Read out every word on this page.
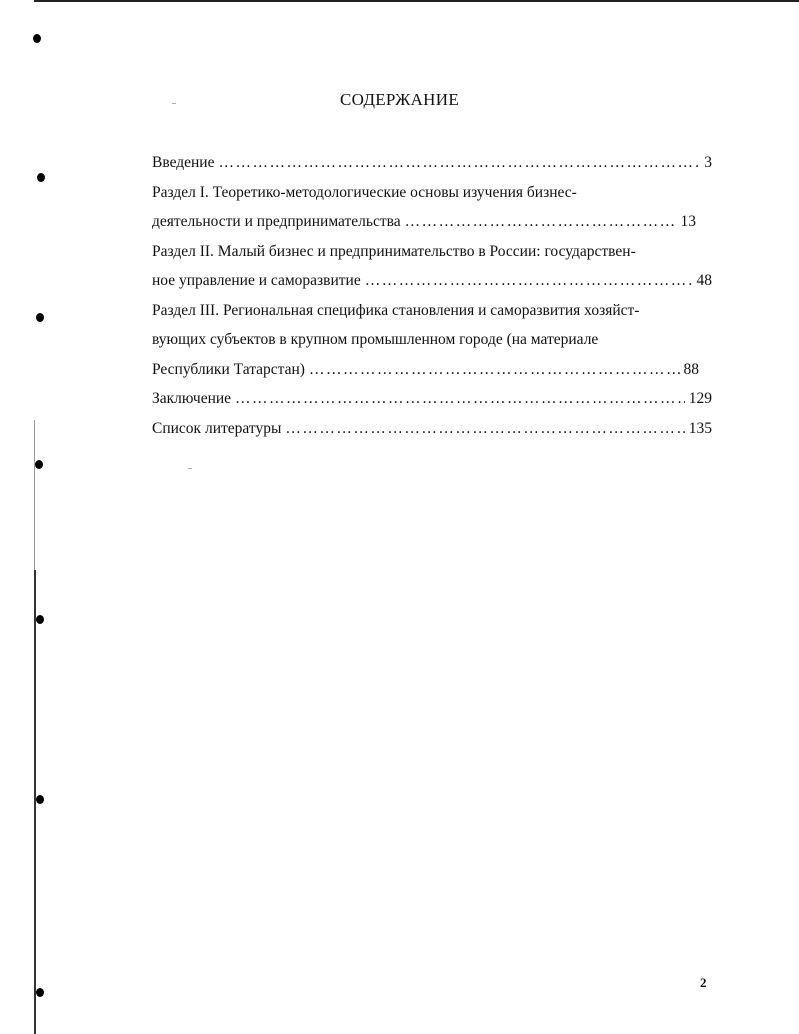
СОДЕРЖАНИЕ
Введение ………………………………………………………………………………………………………………………………	3
Раздел I. Теоретико-методологические основы изучения бизнес-
деятельности и предпринимательства ………………………………………………………………………………………………………………………………	13
Раздел II. Малый бизнес и предпринимательство в России: государствен-
ное управление и саморазвитие ………………………………………………………………………………………………………………………………	48
Раздел III. Региональная специфика становления и саморазвития хозяйст-
вующих субъектов в крупном промышленном городе (на материале
Республики Татарстан) ………………………………………………………………………………………………………………………………	88
Заключение ………………………………………………………………………………………………………………………………	129
Список литературы ………………………………………………………………………………………………………………………………	135
2
